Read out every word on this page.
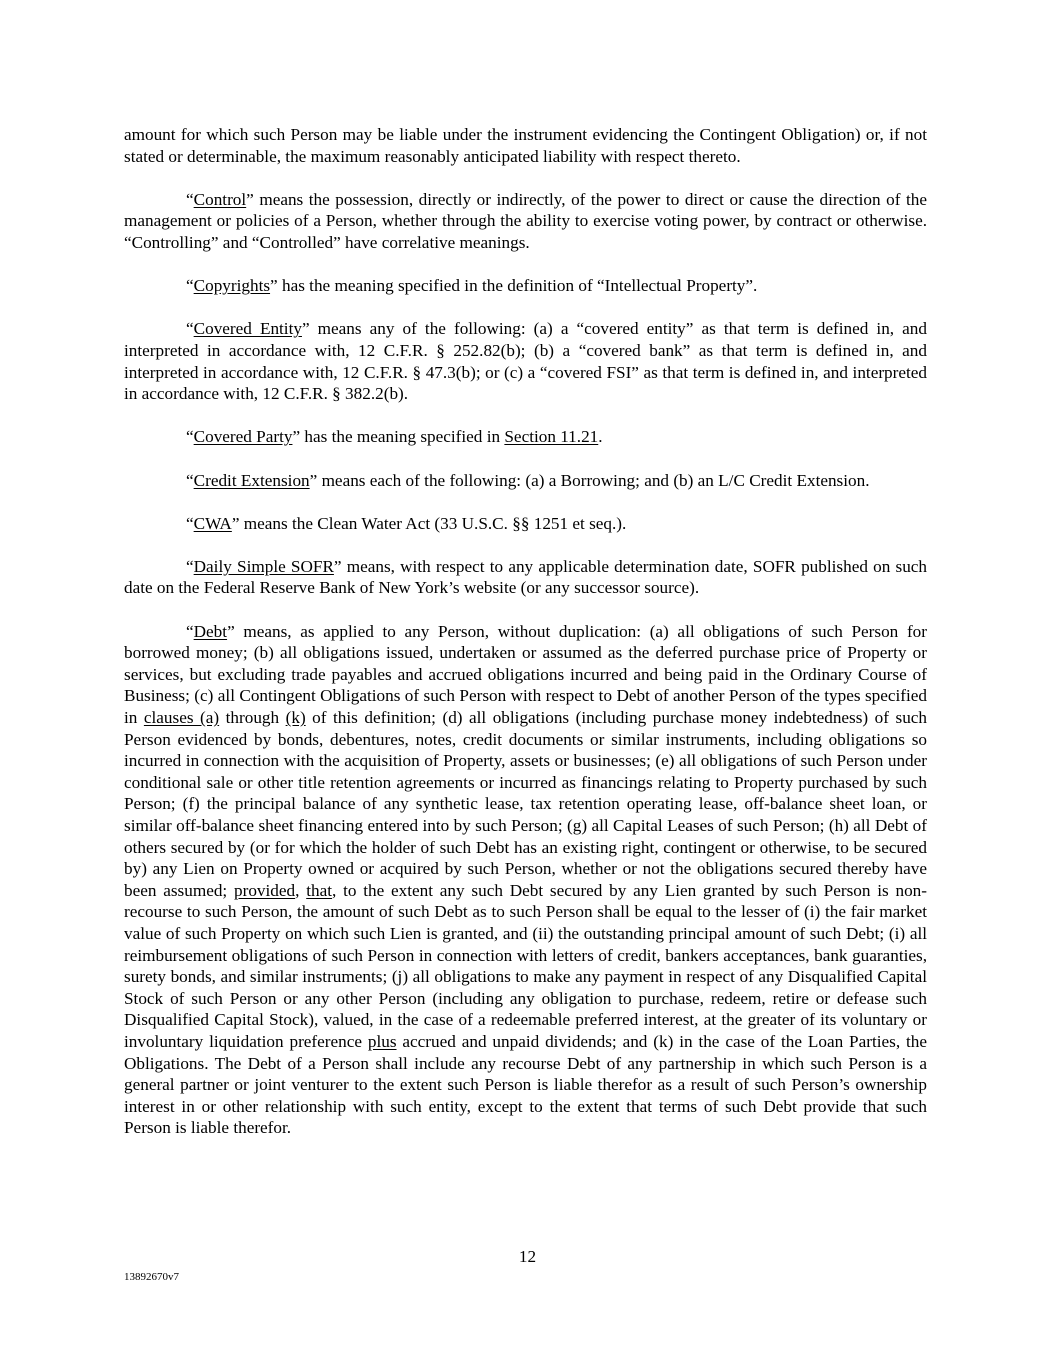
amount for which such Person may be liable under the instrument evidencing the Contingent Obligation) or, if not stated or determinable, the maximum reasonably anticipated liability with respect thereto.

“Control” means the possession, directly or indirectly, of the power to direct or cause the direction of the management or policies of a Person, whether through the ability to exercise voting power, by contract or otherwise. “Controlling” and “Controlled” have correlative meanings.

“Copyrights” has the meaning specified in the definition of “Intellectual Property”.

“Covered Entity” means any of the following: (a) a “covered entity” as that term is defined in, and interpreted in accordance with, 12 C.F.R. § 252.82(b); (b) a “covered bank” as that term is defined in, and interpreted in accordance with, 12 C.F.R. § 47.3(b); or (c) a “covered FSI” as that term is defined in, and interpreted in accordance with, 12 C.F.R. § 382.2(b).

“Covered Party” has the meaning specified in Section 11.21.

“Credit Extension” means each of the following: (a) a Borrowing; and (b) an L/C Credit Extension.

“CWA” means the Clean Water Act (33 U.S.C. §§ 1251 et seq.).

“Daily Simple SOFR” means, with respect to any applicable determination date, SOFR published on such date on the Federal Reserve Bank of New York’s website (or any successor source).

“Debt” means, as applied to any Person, without duplication: (a) all obligations of such Person for borrowed money; (b) all obligations issued, undertaken or assumed as the deferred purchase price of Property or services, but excluding trade payables and accrued obligations incurred and being paid in the Ordinary Course of Business; (c) all Contingent Obligations of such Person with respect to Debt of another Person of the types specified in clauses (a) through (k) of this definition; (d) all obligations (including purchase money indebtedness) of such Person evidenced by bonds, debentures, notes, credit documents or similar instruments, including obligations so incurred in connection with the acquisition of Property, assets or businesses; (e) all obligations of such Person under conditional sale or other title retention agreements or incurred as financings relating to Property purchased by such Person; (f) the principal balance of any synthetic lease, tax retention operating lease, off-balance sheet loan, or similar off-balance sheet financing entered into by such Person; (g) all Capital Leases of such Person; (h) all Debt of others secured by (or for which the holder of such Debt has an existing right, contingent or otherwise, to be secured by) any Lien on Property owned or acquired by such Person, whether or not the obligations secured thereby have been assumed; provided, that, to the extent any such Debt secured by any Lien granted by such Person is non-recourse to such Person, the amount of such Debt as to such Person shall be equal to the lesser of (i) the fair market value of such Property on which such Lien is granted, and (ii) the outstanding principal amount of such Debt; (i) all reimbursement obligations of such Person in connection with letters of credit, bankers acceptances, bank guaranties, surety bonds, and similar instruments; (j) all obligations to make any payment in respect of any Disqualified Capital Stock of such Person or any other Person (including any obligation to purchase, redeem, retire or defease such Disqualified Capital Stock), valued, in the case of a redeemable preferred interest, at the greater of its voluntary or involuntary liquidation preference plus accrued and unpaid dividends; and (k) in the case of the Loan Parties, the Obligations. The Debt of a Person shall include any recourse Debt of any partnership in which such Person is a general partner or joint venturer to the extent such Person is liable therefor as a result of such Person’s ownership interest in or other relationship with such entity, except to the extent that terms of such Debt provide that such Person is liable therefor.

12
13892670v7
